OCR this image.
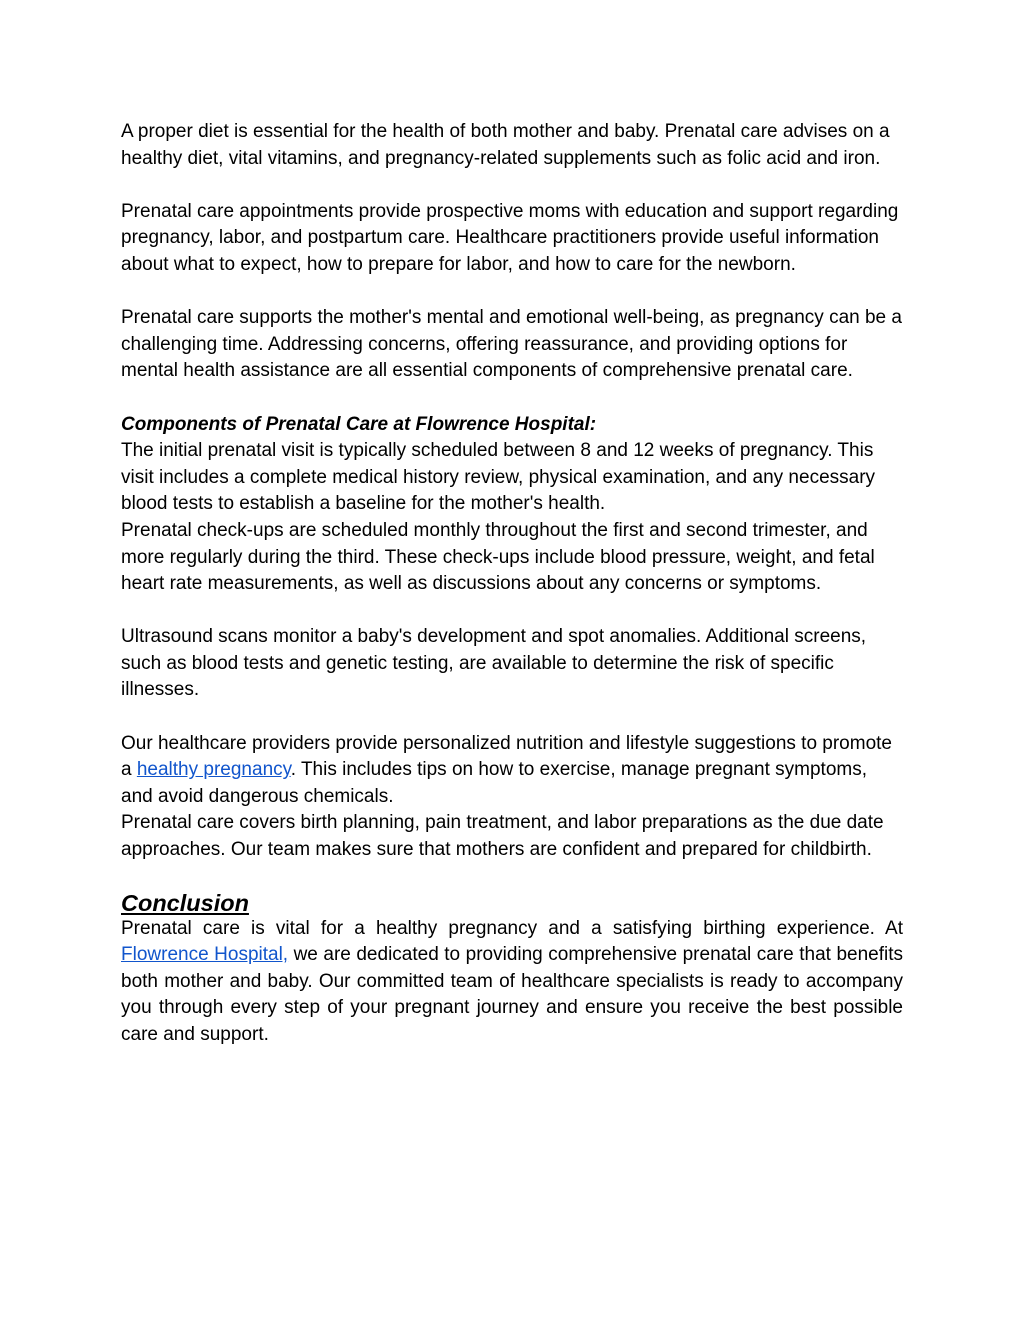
A proper diet is essential for the health of both mother and baby. Prenatal care advises on a healthy diet, vital vitamins, and pregnancy-related supplements such as folic acid and iron.

Prenatal care appointments provide prospective moms with education and support regarding pregnancy, labor, and postpartum care. Healthcare practitioners provide useful information about what to expect, how to prepare for labor, and how to care for the newborn.

Prenatal care supports the mother's mental and emotional well-being, as pregnancy can be a challenging time. Addressing concerns, offering reassurance, and providing options for mental health assistance are all essential components of comprehensive prenatal care.

Components of Prenatal Care at Flowrence Hospital:

The initial prenatal visit is typically scheduled between 8 and 12 weeks of pregnancy. This visit includes a complete medical history review, physical examination, and any necessary blood tests to establish a baseline for the mother's health.

Prenatal check-ups are scheduled monthly throughout the first and second trimester, and more regularly during the third. These check-ups include blood pressure, weight, and fetal heart rate measurements, as well as discussions about any concerns or symptoms.

Ultrasound scans monitor a baby's development and spot anomalies. Additional screens, such as blood tests and genetic testing, are available to determine the risk of specific illnesses.

Our healthcare providers provide personalized nutrition and lifestyle suggestions to promote a healthy pregnancy. This includes tips on how to exercise, manage pregnant symptoms, and avoid dangerous chemicals.

Prenatal care covers birth planning, pain treatment, and labor preparations as the due date approaches. Our team makes sure that mothers are confident and prepared for childbirth.

Conclusion

Prenatal care is vital for a healthy pregnancy and a satisfying birthing experience. At Flowrence Hospital, we are dedicated to providing comprehensive prenatal care that benefits both mother and baby. Our committed team of healthcare specialists is ready to accompany you through every step of your pregnant journey and ensure you receive the best possible care and support.
